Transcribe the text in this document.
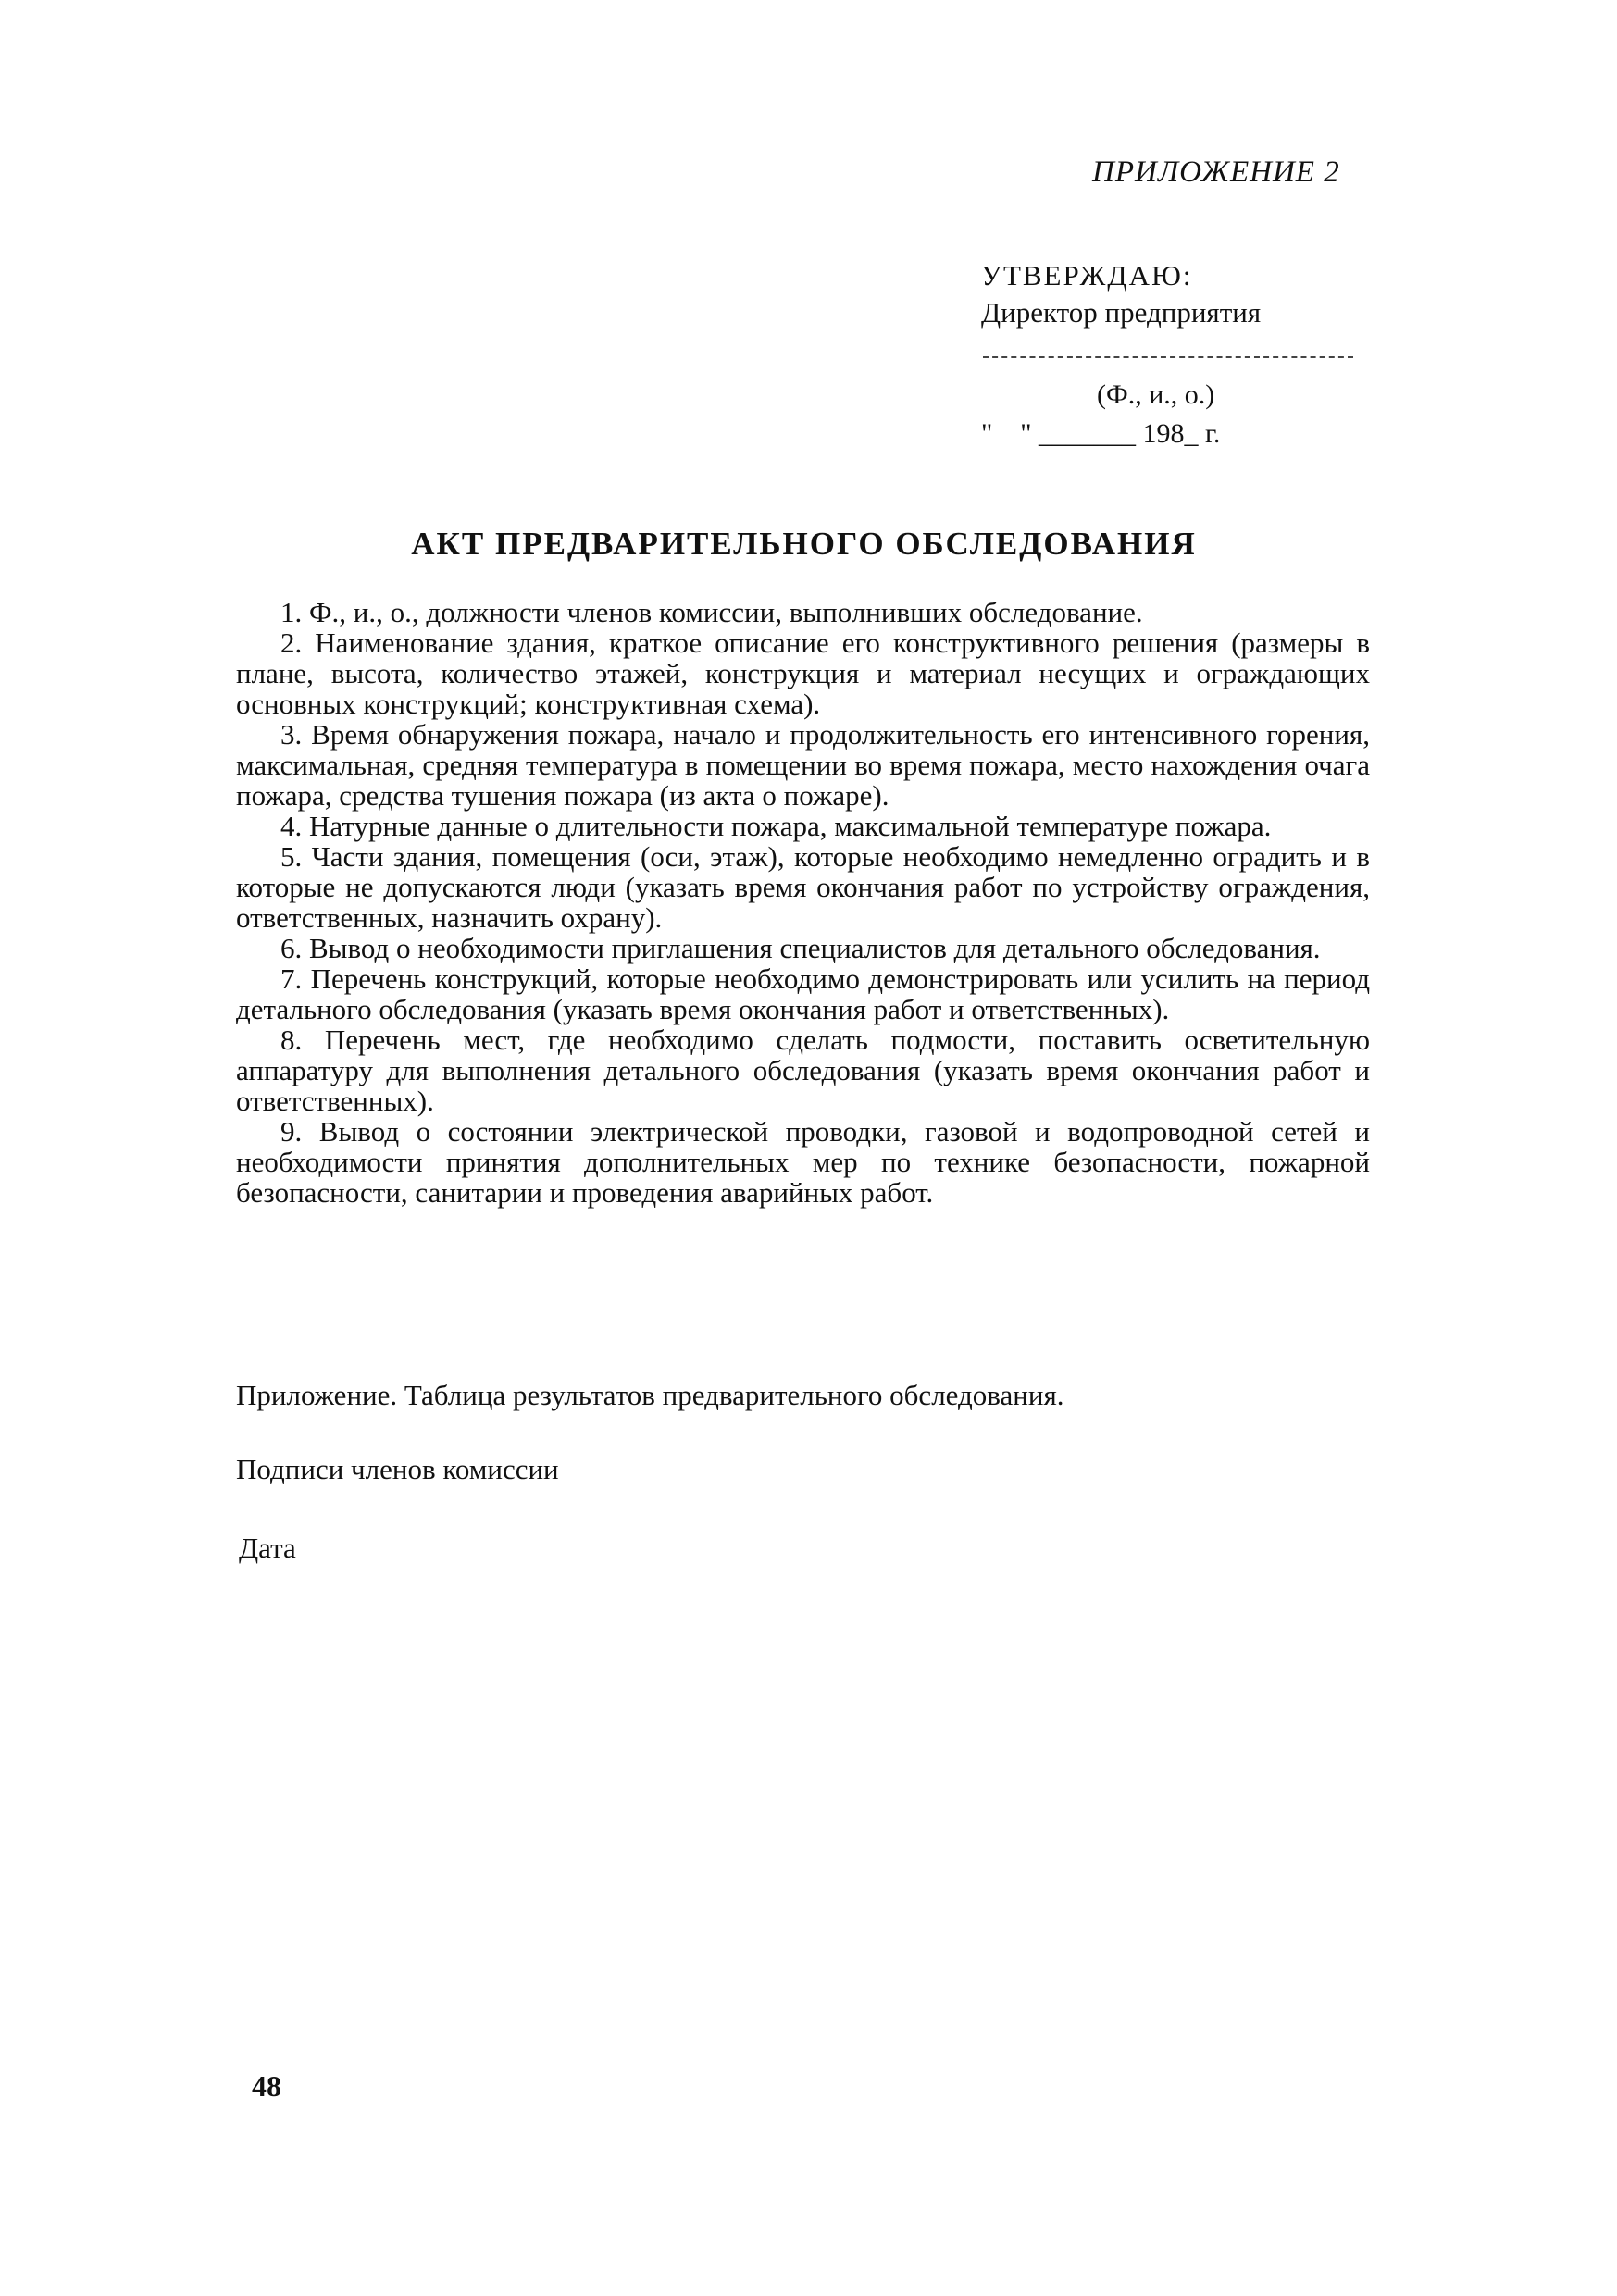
ПРИЛОЖЕНИЕ 2
УТВЕРЖДАЮ:
Директор предприятия
(Ф., и., о.)
"    " _______ 198_ г.
АКТ ПРЕДВАРИТЕЛЬНОГО ОБСЛЕДОВАНИЯ

1. Ф., и., о., должности членов комиссии, выполнивших обследование.

2. Наименование здания, краткое описание его конструктивного решения (размеры в плане, высота, количество этажей, конструкция и материал несущих и ограждающих основных конструкций; конструктивная схема).

3. Время обнаружения пожара, начало и продолжительность его интенсивного горения, максимальная, средняя температура в помещении во время пожара, место нахождения очага пожара, средства тушения пожара (из акта о пожаре).

4. Натурные данные о длительности пожара, максимальной температуре пожара.

5. Части здания, помещения (оси, этаж), которые необходимо немедленно оградить и в которые не допускаются люди (указать время окончания работ по устройству ограждения, ответственных, назначить охрану).

6. Вывод о необходимости приглашения специалистов для детального обследования.

7. Перечень конструкций, которые необходимо демонстрировать или усилить на период детального обследования (указать время окончания работ и ответственных).

8. Перечень мест, где необходимо сделать подмости, поставить осветительную аппаратуру для выполнения детального обследования (указать время окончания работ и ответственных).

9. Вывод о состоянии электрической проводки, газовой и водопроводной сетей и необходимости принятия дополнительных мер по технике безопасности, пожарной безопасности, санитарии и проведения аварийных работ.

Приложение. Таблица результатов предварительного обследования.
Подписи членов комиссии
Дата
48
